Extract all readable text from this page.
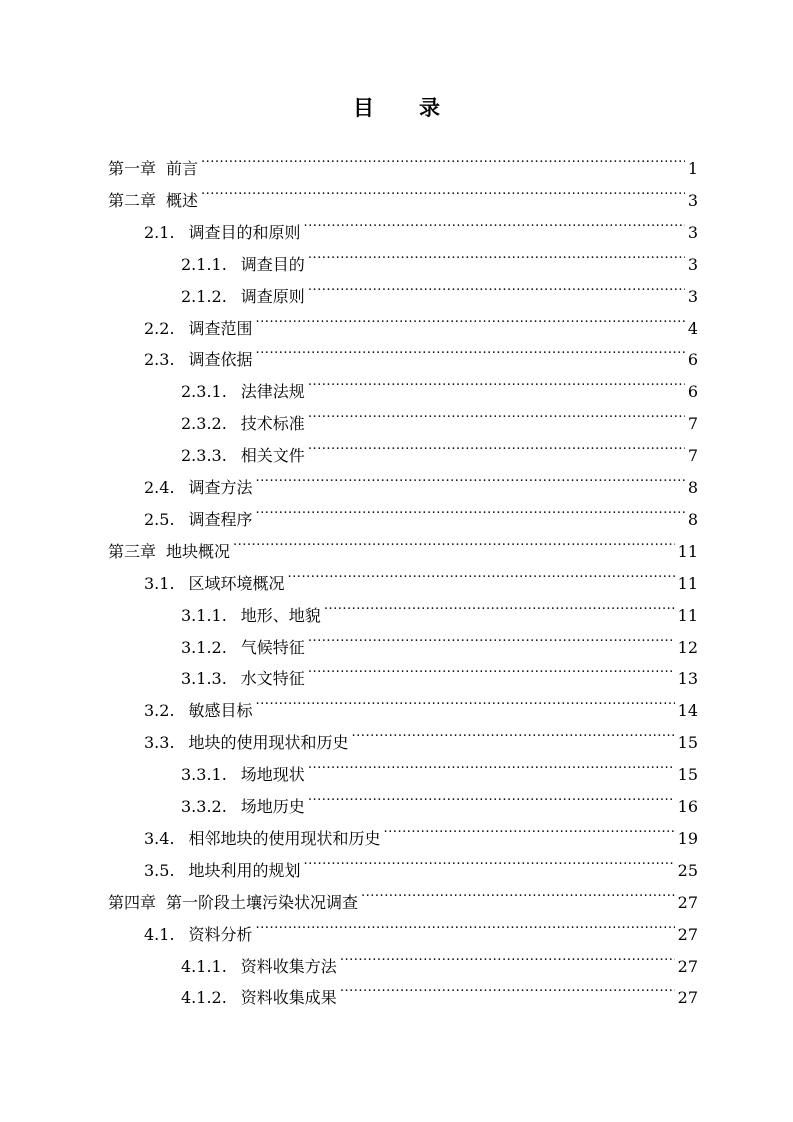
目 录
第一章 前言 .....	1
第二章 概述 .....	3
2.1. 调查目的和原则 .....	3
2.1.1. 调查目的 .....	3
2.1.2. 调查原则 .....	3
2.2. 调查范围 .....	4
2.3. 调查依据 .....	6
2.3.1. 法律法规 .....	6
2.3.2. 技术标准 .....	7
2.3.3. 相关文件 .....	7
2.4. 调查方法 .....	8
2.5. 调查程序 .....	8
第三章 地块概况 .....	11
3.1. 区域环境概况 .....	11
3.1.1. 地形、地貌 .....	11
3.1.2. 气候特征 .....	12
3.1.3. 水文特征 .....	13
3.2. 敏感目标 .....	14
3.3. 地块的使用现状和历史 .....	15
3.3.1. 场地现状 .....	15
3.3.2. 场地历史 .....	16
3.4. 相邻地块的使用现状和历史 .....	19
3.5. 地块利用的规划 .....	25
第四章 第一阶段土壤污染状况调查 .....	27
4.1. 资料分析 .....	27
4.1.1. 资料收集方法 .....	27
4.1.2. 资料收集成果 .....	27
